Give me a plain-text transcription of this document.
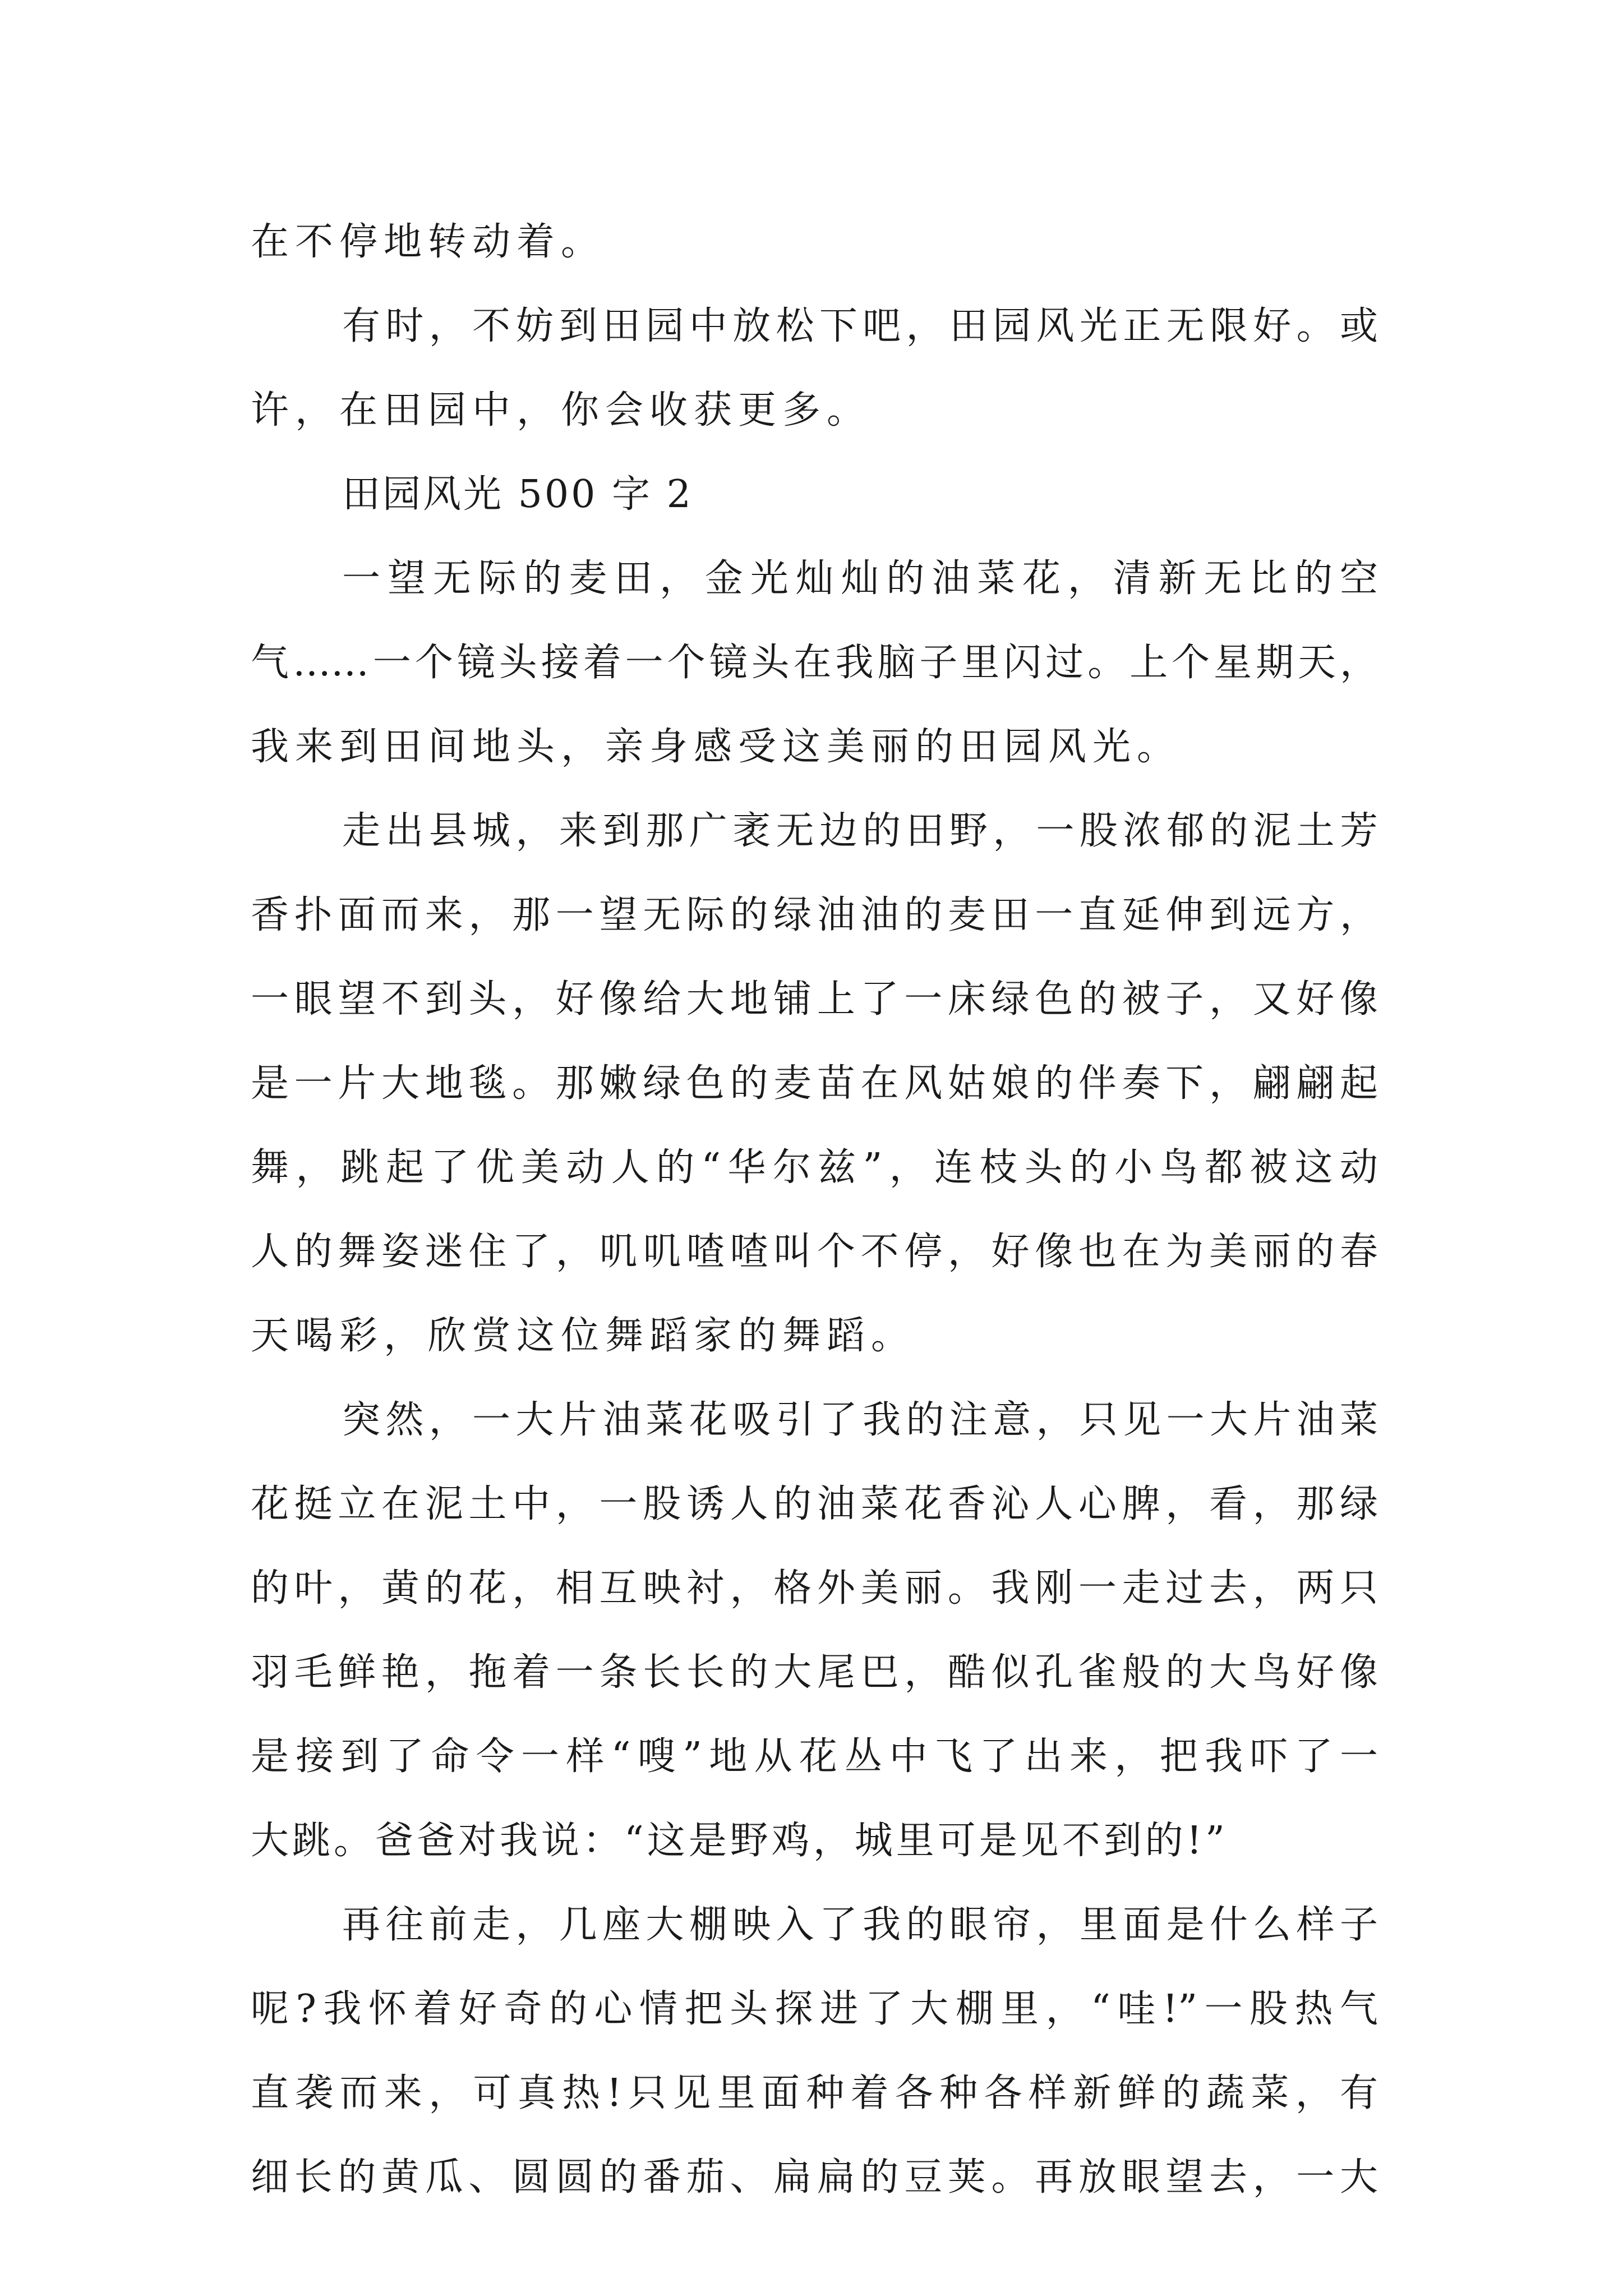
在不停地转动着。
有时，不妨到田园中放松下吧，田园风光正无限好。或
许，在田园中，你会收获更多。
田园风光 500 字 2
一望无际的麦田，金光灿灿的油菜花，清新无比的空
气……一个镜头接着一个镜头在我脑子里闪过。上个星期天，
我来到田间地头，亲身感受这美丽的田园风光。
走出县城，来到那广袤无边的田野，一股浓郁的泥土芳
香扑面而来，那一望无际的绿油油的麦田一直延伸到远方，
一眼望不到头，好像给大地铺上了一床绿色的被子，又好像
是一片大地毯。那嫩绿色的麦苗在风姑娘的伴奏下，翩翩起
舞，跳起了优美动人的“华尔兹”，连枝头的小鸟都被这动
人的舞姿迷住了，叽叽喳喳叫个不停，好像也在为美丽的春
天喝彩，欣赏这位舞蹈家的舞蹈。
突然，一大片油菜花吸引了我的注意，只见一大片油菜
花挺立在泥土中，一股诱人的油菜花香沁人心脾，看，那绿
的叶，黄的花，相互映衬，格外美丽。我刚一走过去，两只
羽毛鲜艳，拖着一条长长的大尾巴，酷似孔雀般的大鸟好像
是接到了命令一样“嗖”地从花丛中飞了出来，把我吓了一
大跳。爸爸对我说：“这是野鸡，城里可是见不到的!”
再往前走，几座大棚映入了我的眼帘，里面是什么样子
呢?我怀着好奇的心情把头探进了大棚里，“哇!”一股热气
直袭而来，可真热!只见里面种着各种各样新鲜的蔬菜，有
细长的黄瓜、圆圆的番茄、扁扁的豆荚。再放眼望去，一大
